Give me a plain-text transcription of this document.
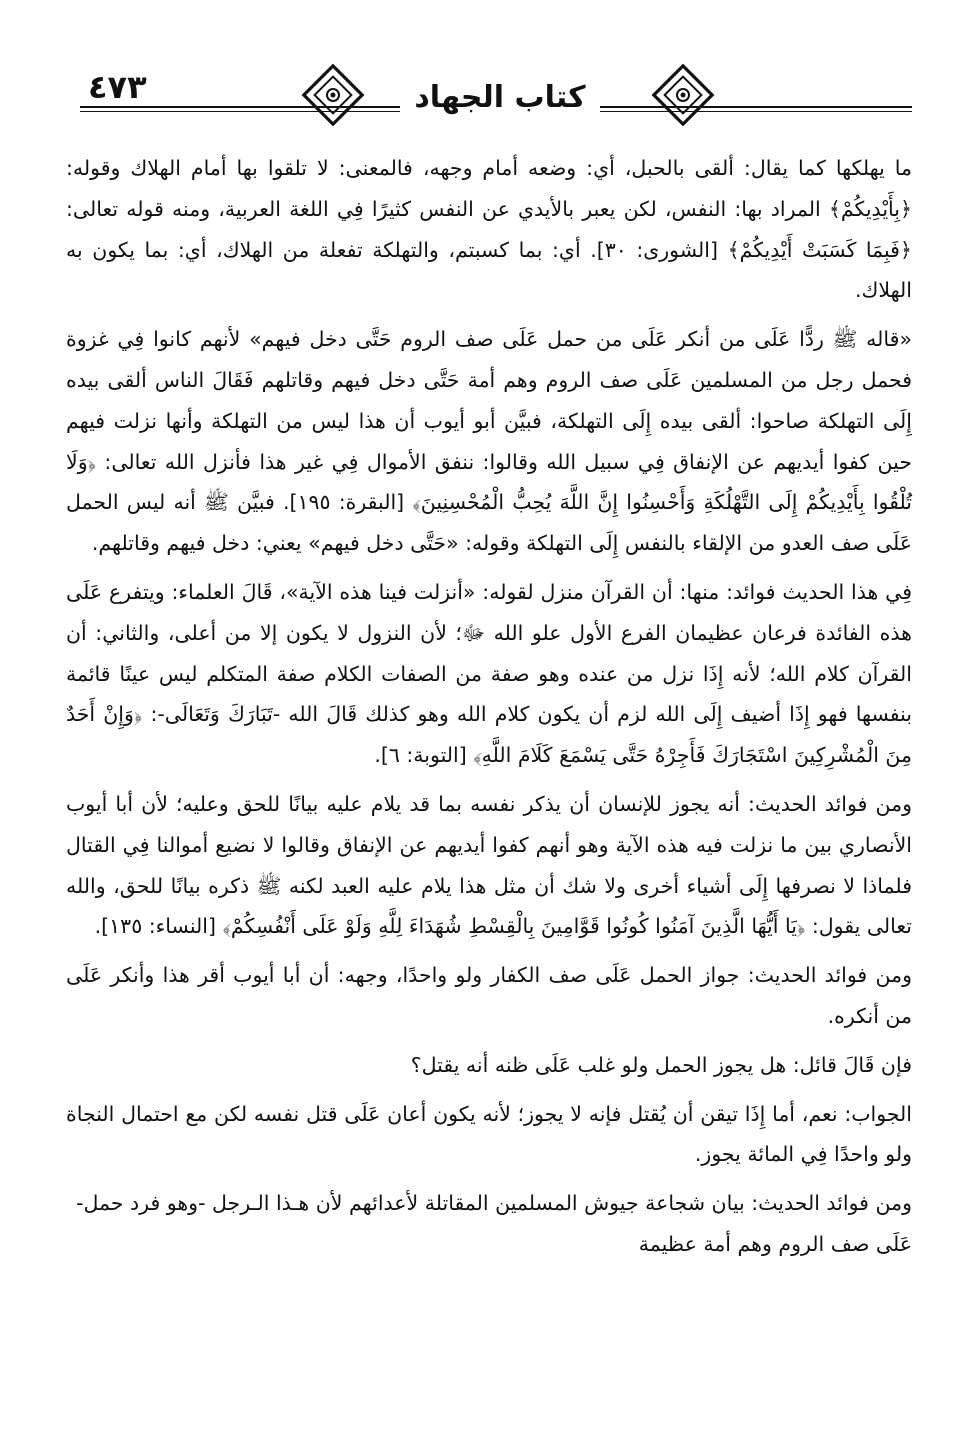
٤٧٣	كتاب الجهاد

ما يهلكها كما يقال: ألقى بالحبل، أي: وضعه أمام وجهه، فالمعنى: لا تلقوا بها أمام الهلاك وقوله: ﴿بِأَيْدِيكُمْ﴾ المراد بها: النفس، لكن يعبر بالأيدي عن النفس كثيرًا فِي اللغة العربية، ومنه قوله تعالى: ﴿فَبِمَا كَسَبَتْ أَيْدِيكُمْ﴾ [الشورى: ٣٠]. أي: بما كسبتم، والتهلكة تفعلة من الهلاك، أي: بما يكون به الهلاك.

«قاله ﷺ ردًّا عَلَى من أنكر عَلَى من حمل عَلَى صف الروم حَتَّى دخل فيهم» لأنهم كانوا فِي غزوة فحمل رجل من المسلمين عَلَى صف الروم وهم أمة حَتَّى دخل فيهم وقاتلهم فَقَالَ الناس ألقى بيده إِلَى التهلكة صاحوا: ألقى بيده إِلَى التهلكة، فبيَّن أبو أيوب أن هذا ليس من التهلكة وأنها نزلت فيهم حين كفوا أيديهم عن الإنفاق فِي سبيل الله وقالوا: ننفق الأموال فِي غير هذا فأنزل الله تعالى: ﴿وَلَا تُلْقُوا بِأَيْدِيكُمْ إِلَى التَّهْلُكَةِ وَأَحْسِنُوا إِنَّ اللَّهَ يُحِبُّ الْمُحْسِنِينَ﴾ [البقرة: ١٩٥]. فبيَّن ﷺ أنه ليس الحمل عَلَى صف العدو من الإلقاء بالنفس إِلَى التهلكة وقوله: «حَتَّى دخل فيهم» يعني: دخل فيهم وقاتلهم.

فِي هذا الحديث فوائد: منها: أن القرآن منزل لقوله: «أنزلت فينا هذه الآية»، قَالَ العلماء: ويتفرع عَلَى هذه الفائدة فرعان عظيمان الفرع الأول علو الله ﷻ؛ لأن النزول لا يكون إلا من أعلى، والثاني: أن القرآن كلام الله؛ لأنه إِذَا نزل من عنده وهو صفة من الصفات الكلام صفة المتكلم ليس عينًا قائمة بنفسها فهو إِذَا أضيف إِلَى الله لزم أن يكون كلام الله وهو كذلك قَالَ الله -تَبَارَكَ وَتَعَالَى-: ﴿وَإِنْ أَحَدٌ مِنَ الْمُشْرِكِينَ اسْتَجَارَكَ فَأَجِرْهُ حَتَّى يَسْمَعَ كَلَامَ اللَّهِ﴾ [التوبة: ٦].

ومن فوائد الحديث: أنه يجوز للإنسان أن يذكر نفسه بما قد يلام عليه بيانًا للحق وعليه؛ لأن أبا أيوب الأنصاري بين ما نزلت فيه هذه الآية وهو أنهم كفوا أيديهم عن الإنفاق وقالوا لا نضيع أموالنا فِي القتال فلماذا لا نصرفها إِلَى أشياء أخرى ولا شك أن مثل هذا يلام عليه العبد لكنه ﷺ ذكره بيانًا للحق، والله تعالى يقول: ﴿يَا أَيُّهَا الَّذِينَ آمَنُوا كُونُوا قَوَّامِينَ بِالْقِسْطِ شُهَدَاءَ لِلَّهِ وَلَوْ عَلَى أَنْفُسِكُمْ﴾ [النساء: ١٣٥].

ومن فوائد الحديث: جواز الحمل عَلَى صف الكفار ولو واحدًا، وجهه: أن أبا أيوب أقر هذا وأنكر عَلَى من أنكره.

فإن قَالَ قائل: هل يجوز الحمل ولو غلب عَلَى ظنه أنه يقتل؟

الجواب: نعم، أما إِذَا تيقن أن يُقتل فإنه لا يجوز؛ لأنه يكون أعان عَلَى قتل نفسه لكن مع احتمال النجاة ولو واحدًا فِي المائة يجوز.

ومن فوائد الحديث: بيان شجاعة جيوش المسلمين المقاتلة لأعدائهم لأن هـذا الـرجل -وهو فرد حمل- عَلَى صف الروم وهم أمة عظيمة
